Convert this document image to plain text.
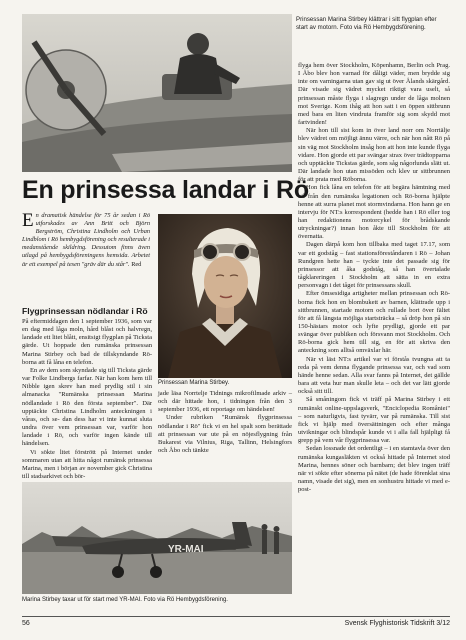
Prinsessan Marina Stirbey klättrar i sitt flygplan efter start av motorn. Foto via Rö Hembygdsförening.
En prinsessa landar i Rö
En dramatisk händelse för 75 år sedan i Rö utforskades av Ann Britt och Björn Bergström, Christina Lindholm och Urban Lindblom i Rö hembygdsförening och resulterade i medanstående skildring. Dessutom finns även utlagd på hembygdsföreningens hemsida. Arbetet är ett exempel på tesen "gräv där du står". Red
Prinsessan Marina Stirbey.
Flygprinsessan nödlandar i Rö

På eftermiddagen den 1 september 1936, som var en dag med låga moln, hård blåst och halvregn, landade ett litet blått, ensitsigt flygplan på Ticksta gärde. Ut hoppade den rumänska prinsessan Marina Stirbey och bad de tillskyndande Rö-borna att få låna en telefon.

En av dem som skyndade sig till Ticksta gärde var Folke Lindbergs farfar. När han kom hem till Nibble igen skrev han med prydlig stil i sin almanacka "Rumänska prinsessan Marina nödlandade i Rö den första september". Där upptäckte Christina Lindholm anteckningen i våras, och se- dan dess har vi inte kunnat sluta undra över vem prinsessan var, varför hon landade i Rö, och varför ingen kände till händelsen.

Vi sökte litet förstrött på Internet under sommaren utan att hitta något rumänsk prinsessa Marina, men i början av november gick Christina till stadsarkivet och bör-

jade läsa Norrtelje Tidnings mikrofilmade arkiv – och där hittade hon, i tidningen från den 3 september 1936, ett reportage om händelsen!

Under rubriken "Rumänsk flygprinsessa nödlandar i Rö" fick vi en hel spalt som berättade att prinsessan var ute på en nöjesflygning från Bukarest via Vilnius, Riga, Tallinn, Helsingfors och Åbo och tänkte

flyga hem över Stockholm, Köpenhamn, Berlin och Prag. I Åbo blev hon varnad för dåligt väder, men brydde sig inte om varningarna utan gav sig ut över Ålands skärgård. Där visade sig vädret mycket riktigt vara uselt, så prinsessan måste flyga i slagregn under de låga molnen mot Sverige. Kom ihåg att hon satt i en öppen sittbrunn med bara en liten vindruta framför sig som skydd mot fartvinden!

När hon till sist kom in över land norr om Norrtälje blev vädret om möjligt ännu värre, och när hon nått Rö på sin väg mot Stockholm insåg hon att hon inte kunde flyga vidare. Hon gjorde ett par svängar strax över trädtopparna och upptäckte Tickstas gärde, som såg någorlunda slätt ut. Där landade hon utan missöden och klev ur sittbrunnen för att prata med Röborna.

Hon fick låna en telefon för att begära hämtning med bil från den rumänska legationen och Rö-borna hjälpte henne att surra planet mot stormvindarna. Hon hann ge en intervju för NT:s korrespondent (hedde han i Rö eller tog han redaktionens motorcykel för brådskande utryckningar?) innan hon åkte till Stockholm för att övernatta.

Dagen därpå kom hon tillbaka med taget 17.17, som var ett godståg – fast stationsföreståndaren i Rö – Johan Rundgren hette han – tyckte inte det passade sig för prinsessor att åka godståg, så han övertalade tågklareringen i Stockholm att sätta in en extra personvagn i det tåget för prinsessans skull.

Efter ömsesidiga artigheter mellan prinsessan och Rö-borna fick hon en blombukett av barnen, klättrade upp i sittbrunnen, startade motorn och rullade bort över fältet för att få längsta möjliga startsträcka – så dröp hon på sin 150-hästars motor och lyfte prydligt, gjorde ett par svängar över publiken och försvann mot Stockholm. Och Rö-borna gick hem till sig, en för att skriva den anteckning som alltså omväxlar här.

När vi läst NT:s artikel var vi förstås tvungna att ta reda på vem denna flygande prinsessa var, och vad som hände henne sedan. Alla svar fanns på Internet, det gällde bara att veta hur man skulle leta – och det var lätt gjordе också sitt till.

Så småningom fick vi träff på Marina Stirbey i ett rumänskt online-uppslagsverk, "Enciclopedia României" – som naturligvis, fast tyvärr, var på rumänska. Till sist fick vi hjälp med översättningen och efter många utvikningar och blindspår kunde vi i alla fall hjälpligt få grepp på vem vår flygprinsessa var.

Sedan lossnade det ordentligt – i en stamtavla över den rumänska kungasläkten vi också hittade på Internet stod Marina, hennes söner och barnbarn; det blev ingen träff när vi sökte efter sönerna på nätet (de hade förenklat sina namn, visade det sig), men en sonhustru hittade vi med e-post-

YR-MAI
Marina Stirbey taxar ut för start med YR-MAI. Foto via Rö Hembygdsförening.
56	Svensk Flyghistorisk Tidskrift 3/12
